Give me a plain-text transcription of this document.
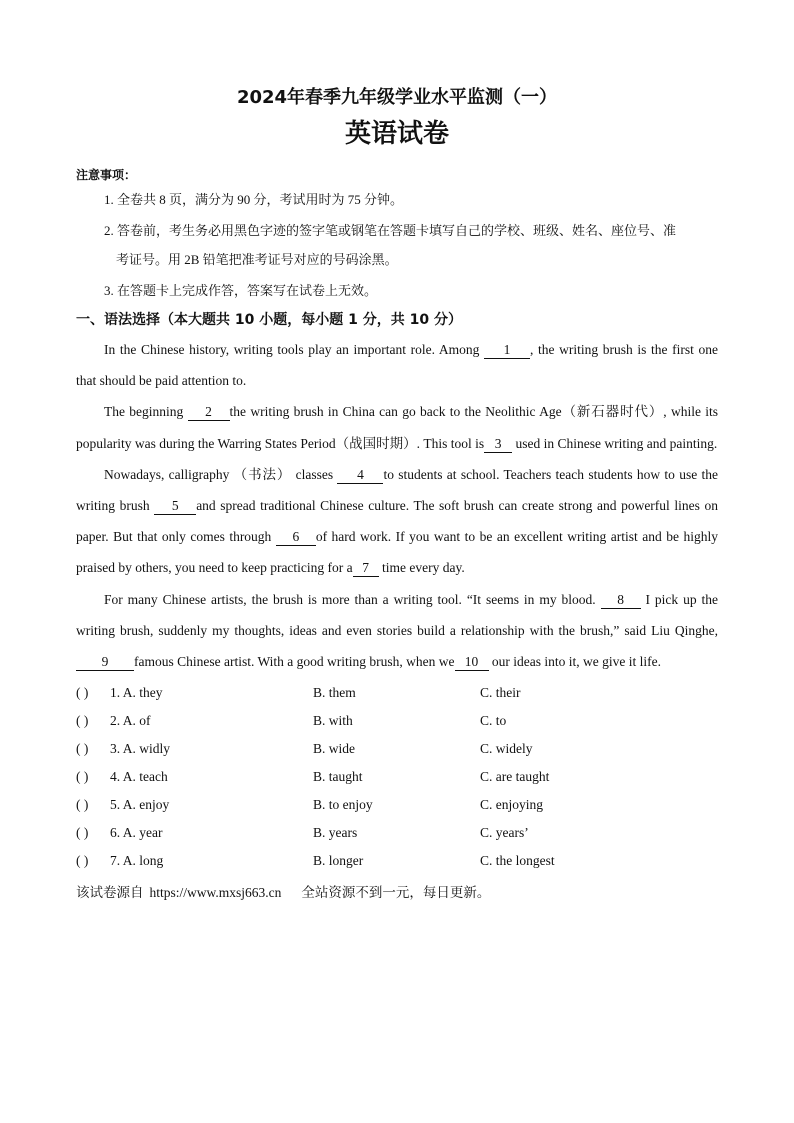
2024年春季九年级学业水平监测（一）
英语试卷
注意事项：
1. 全卷共 8 页，满分为 90 分，考试用时为 75 分钟。
2. 答卷前，考生务必用黑色字迹的签字笔或钢笔在答题卡填写自己的学校、班级、姓名、座位号、准
考证号。用 2B 铅笔把准考证号对应的号码涂黑。
3. 在答题卡上完成作答，答案写在试卷上无效。
一、语法选择（本大题共 10 小题，每小题 1 分，共 10 分）

In the Chinese history, writing tools play an important role. Among 1 , the writing brush is the first one that should be paid attention to.

The beginning 2 the writing brush in China can go back to the Neolithic Age（新石器时代）, while its popularity was during the Warring States Period（战国时期）. This tool is 3 used in Chinese writing and painting.

Nowadays, calligraphy （书法） classes 4 to students at school. Teachers teach students how to use the writing brush 5 and spread traditional Chinese culture. The soft brush can create strong and powerful lines on paper. But that only comes through 6 of hard work. If you want to be an excellent writing artist and be highly praised by others, you need to keep practicing for a 7 time every day.

For many Chinese artists, the brush is more than a writing tool. “It seems in my blood. 8 I pick up the writing brush, suddenly my thoughts, ideas and even stories build a relationship with the brush,” said Liu Qinghe, 9 famous Chinese artist. With a good writing brush, when we 10 our ideas into it, we give it life.

( )	1. A. they	B. them	C. their
( )	2. A. of	B. with	C. to
( )	3. A. widly	B. wide	C. widely
( )	4. A. teach	B. taught	C. are taught
( )	5. A. enjoy	B. to enjoy	C. enjoying
( )	6. A. year	B. years	C. years’
( )	7. A. long	B. longer	C. the longest
该试卷源自 https://www.mxsj663.cn 全站资源不到一元，每日更新。
